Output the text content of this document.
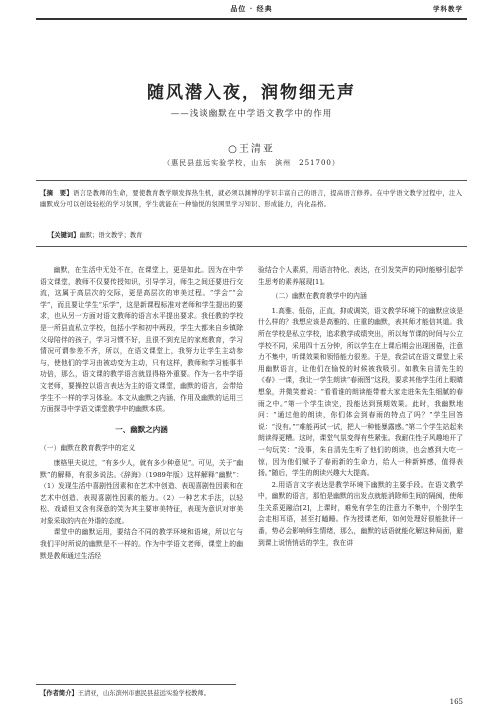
品位 · 经典	学科教学
随风潜入夜，润物细无声
——浅谈幽默在中学语文教学中的作用
○王清亚
（惠民县兹远实验学校，山东　滨州　251700）
【摘　要】语言是教师的生命，要使教育教学顺发挥热生机，就必须以渊博的学识丰富自己的语言，提高语言修养。在中学语文教学过程中，注入幽默成分可以创设轻松的学习氛围，学生就能在一种愉悦的氛围里学习知识、形成能力，内化品格。
【关键词】幽默；语文教学；教育

幽默，在生活中无处不在，在课堂上，更是如此。因为在中学语文课堂，教师不仅要传授知识，引导学习，师生之间还要进行交流，这属于高层次的交际，更是高层次的审美过程。“学会”“会学”，而且要让学生“乐学”，这是新课程标准对老师和学生提出的要求，也从另一方面对语文教师的语言水平提出要求。我任教的学校是一所县直私立学校，包括小学和初中两段，学生大都来自乡镇除父母陪伴的孩子，学习习惯不好，且很不到充足的家庭教育，学习情况可谓参差不齐，所以，在语文课堂上，我努力让学生主动参与，使他们的学习由被动变为主动，只有这样，教师和学习能事半功倍，那么，语文课的教学语言就显得格外重要。作为一名中学语文老师，要操控以语言表达为主的语文课堂，幽默的语言，会带给学生不一样的学习体验。本文从幽默之内涵、作用及幽默的运用三方面探寻中学语文课堂教学中的幽默本质。

一、幽默之内涵
（一）幽默在教育教学中的定义

康格里夫说过，“有多少人，就有多少种意见”。可见，关于“幽默”的解释，有很多说法。《辞海》（1989年版）这样解释“幽默”：（1）发现生活中喜剧性因素和在艺术中创造、表现喜剧性因素和在艺术中创造、表现喜剧性因素的能力。（2）一种艺术手法，以轻松、戏谑但又含有深意的笑为其主要审美特征，表现为意识对审美对象采取的内在外谐的态度。

课堂中的幽默运用，要结合不同的教学环境和语境，所以它与我们平时所说的幽默是不一样的。作为中学语文老师，课堂上的幽默是教师通过生活经

验结合个人素质，用语言特化、表达，在引发笑声的同时能够引起学生思考的素养展现[1]。

（二）幽默在教育教学中的内涵

1.高雅、低俗，正直，抑或调笑，语文教学环境下的幽默应该是什么样的？我想应该是高雅的、庄重的幽默，表其师才能信其道。我所在学校是私立学校，追求教学成绩突出，所以每节课的时间与公立学校不同，采用四十五分钟，所以学生在上课后期会出现困倦，注意力不集中，听课效果和领悟能力很差。于是，我尝试在语文课堂上采用幽默语言，让他们在愉悦的时候被我吸引。如教朱自清先生的《春》一课，我让一学生朗读“春雨图”这段，要求其他学生闭上眼睛想象，并微笑着说：“看看谁的朗读能带着大家走进朱先生细腻的春雨之中。”第一个学生读完，投能达到预期效果。此时，我幽默地问：“通过他的朗读，你们体会到春雨的特点了吗？”学生回答说：“没有。”“难能再试一试，把人一种能暴露感。”第二个学生站起来朗读得更糟。这时，课堂气氛变得有些紧张。我耐住性子风趣地开了一句玩笑：“没事，朱自清先生听了他们的朗读，也会感到大吃一惊，因为他们赋予了春雨新的生命力，给人一种新鲜感，值得表扬。”随后，学生的朗读兴趣大大提高。

2.用语言文字表达是教学环境下幽默的主要手段。在语文教学中，幽默的语言，那怕是幽默的出发点就能消除师生间的隔阂，使师生关系更融洽[2]，上课时，难免有学生的注意力不集中，个别学生会走相耳语，甚至打瞌睡。作为授课老师，如何处理好很能批评一番，势必会影响师生情绪，那么，幽默的话语就能化解这种局面，避到课上说悄悄话的学生，我在讲

【作者简介】王清亚，山东滨州市惠民县兹远实验学校教师。
165
